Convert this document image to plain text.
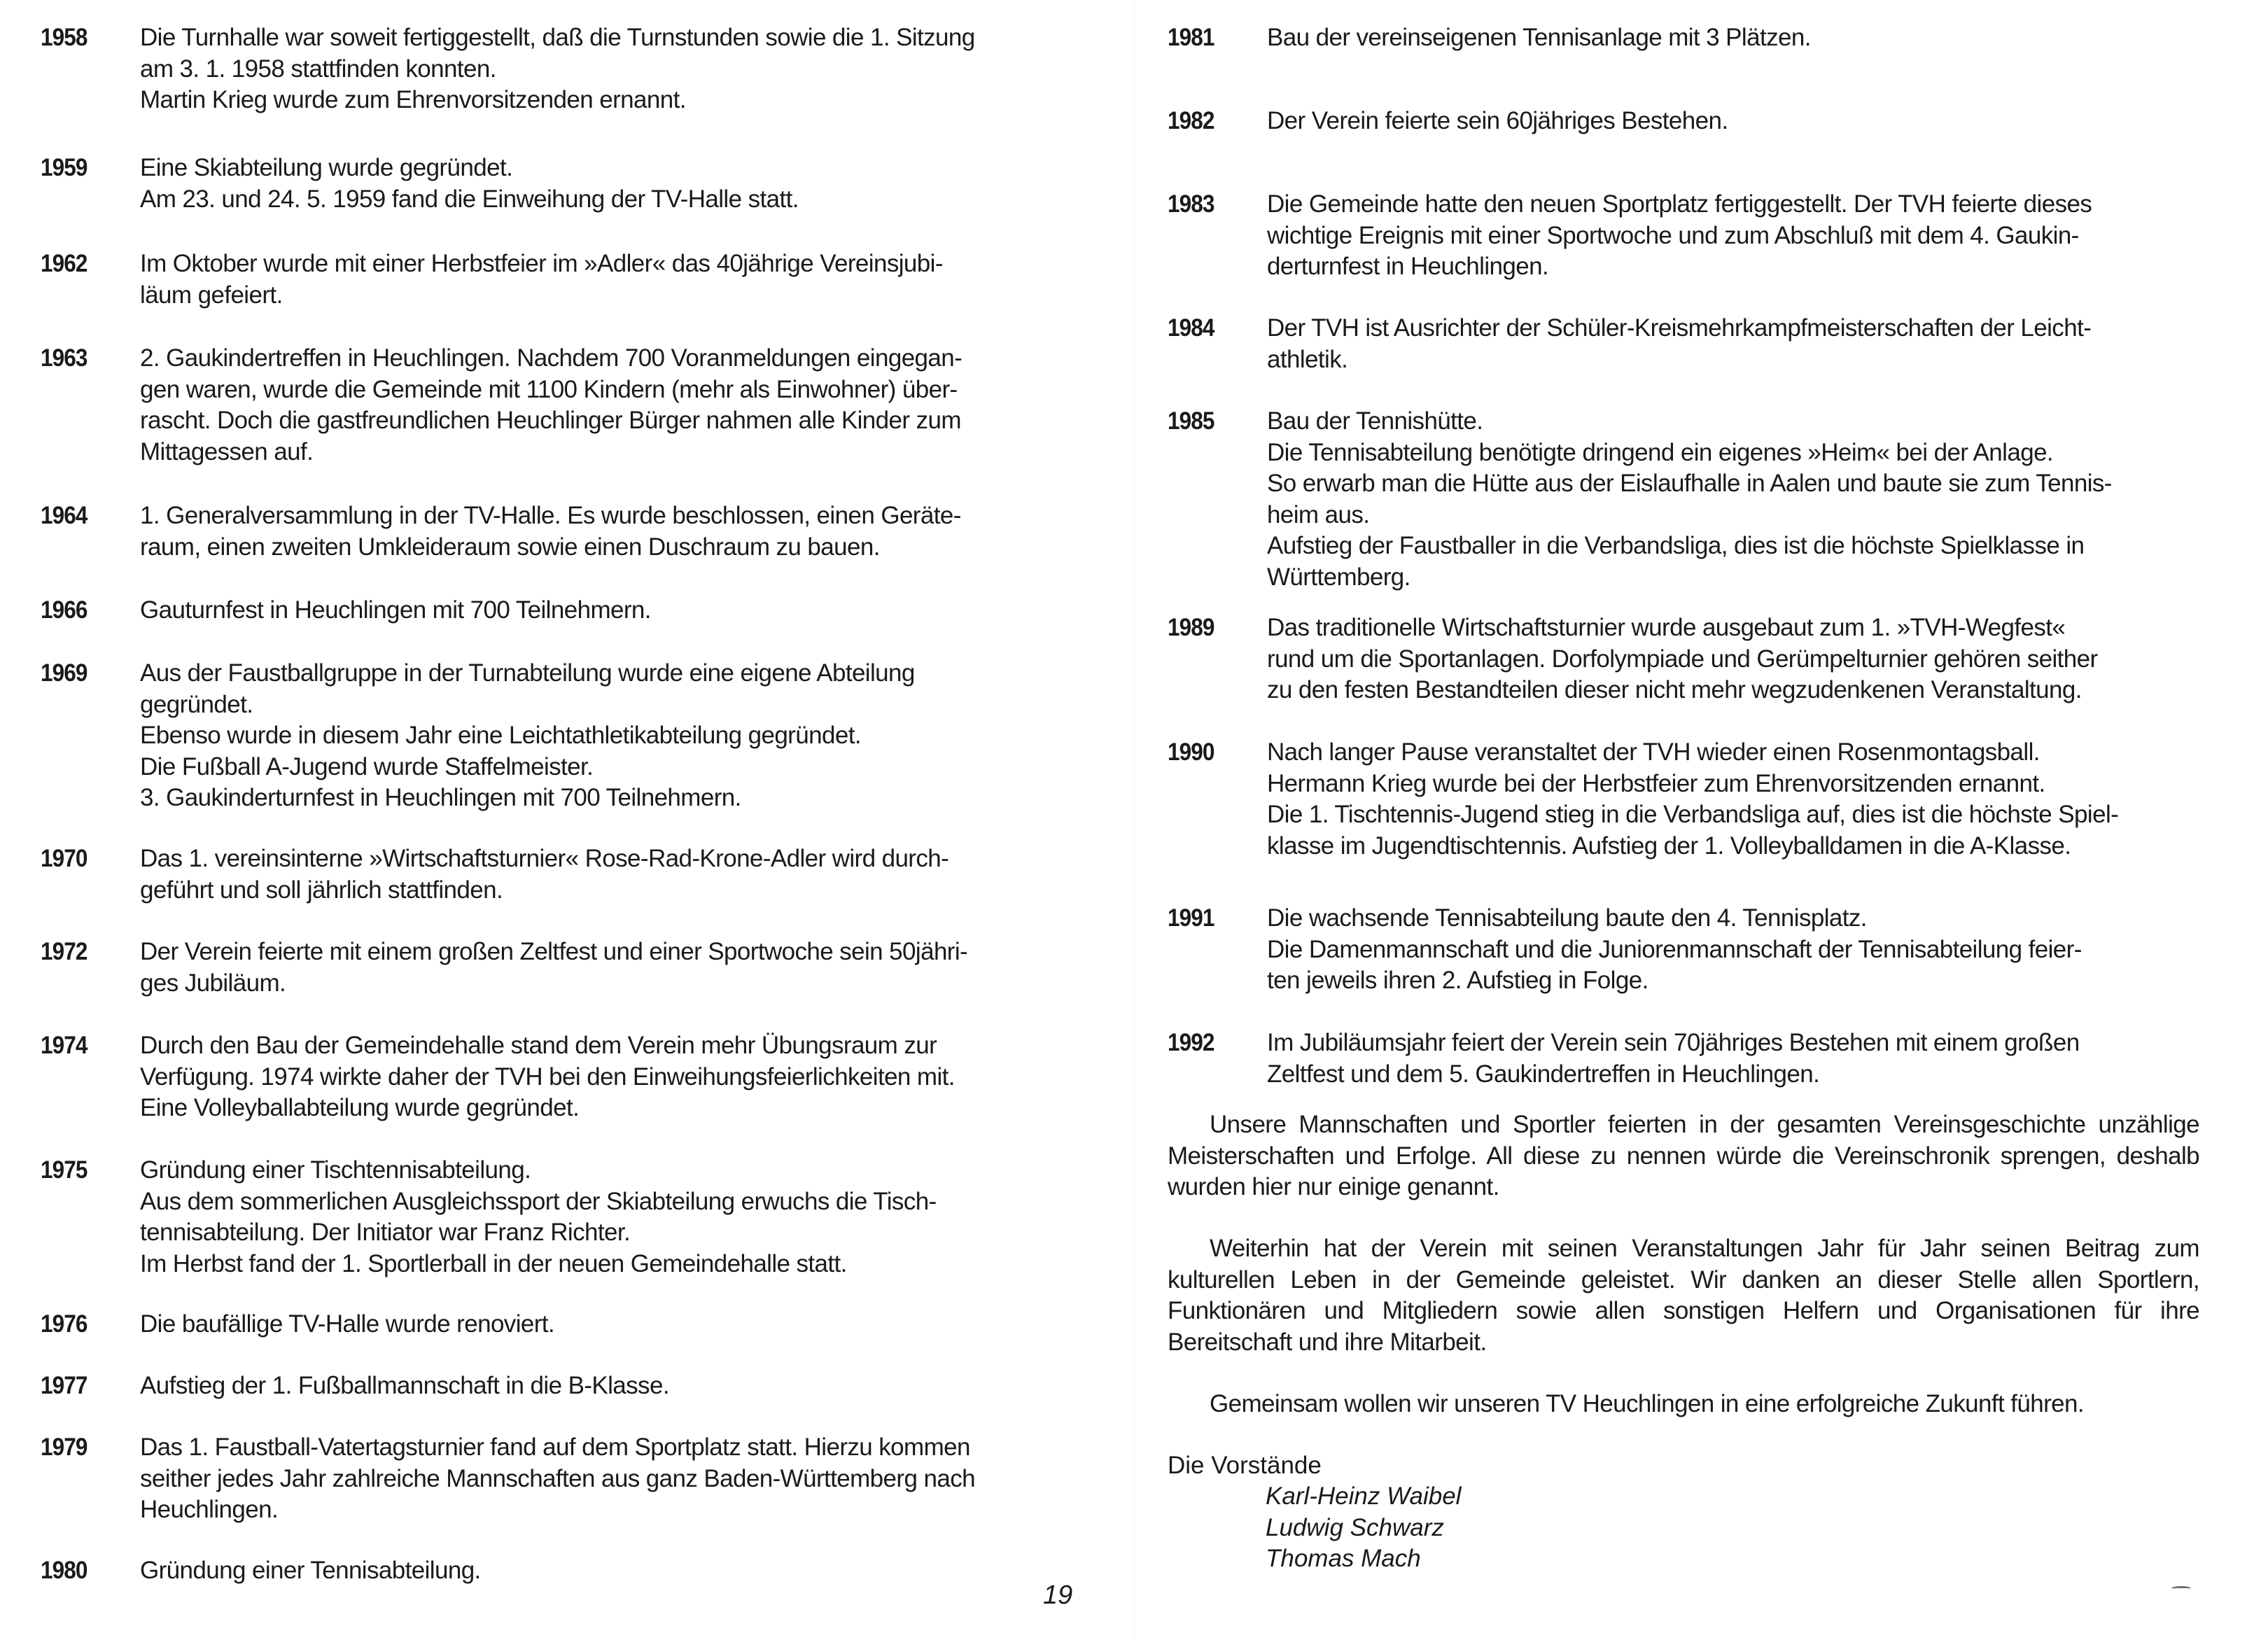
1958	Die Turnhalle war soweit fertiggestellt, daß die Turnstunden sowie die 1. Sitzung
am 3. 1. 1958 stattfinden konnten.
Martin Krieg wurde zum Ehrenvorsitzenden ernannt.
1959	Eine Skiabteilung wurde gegründet.
Am 23. und 24. 5. 1959 fand die Einweihung der TV-Halle statt.
1962	Im Oktober wurde mit einer Herbstfeier im »Adler« das 40jährige Vereinsjubi-
läum gefeiert.
1963	2. Gaukindertreffen in Heuchlingen. Nachdem 700 Voranmeldungen eingegan-
gen waren, wurde die Gemeinde mit 1100 Kindern (mehr als Einwohner) über-
rascht. Doch die gastfreundlichen Heuchlinger Bürger nahmen alle Kinder zum
Mittagessen auf.
1964	1. Generalversammlung in der TV-Halle. Es wurde beschlossen, einen Geräte-
raum, einen zweiten Umkleideraum sowie einen Duschraum zu bauen.
1966	Gauturnfest in Heuchlingen mit 700 Teilnehmern.
1969	Aus der Faustballgruppe in der Turnabteilung wurde eine eigene Abteilung
gegründet.
Ebenso wurde in diesem Jahr eine Leichtathletikabteilung gegründet.
Die Fußball A-Jugend wurde Staffelmeister.
3. Gaukinderturnfest in Heuchlingen mit 700 Teilnehmern.
1970	Das 1. vereinsinterne »Wirtschaftsturnier« Rose-Rad-Krone-Adler wird durch-
geführt und soll jährlich stattfinden.
1972	Der Verein feierte mit einem großen Zeltfest und einer Sportwoche sein 50jähri-
ges Jubiläum.
1974	Durch den Bau der Gemeindehalle stand dem Verein mehr Übungsraum zur
Verfügung. 1974 wirkte daher der TVH bei den Einweihungsfeierlichkeiten mit.
Eine Volleyballabteilung wurde gegründet.
1975	Gründung einer Tischtennisabteilung.
Aus dem sommerlichen Ausgleichssport der Skiabteilung erwuchs die Tisch-
tennisabteilung. Der Initiator war Franz Richter.
Im Herbst fand der 1. Sportlerball in der neuen Gemeindehalle statt.
1976	Die baufällige TV-Halle wurde renoviert.
1977	Aufstieg der 1. Fußballmannschaft in die B-Klasse.
1979	Das 1. Faustball-Vatertagsturnier fand auf dem Sportplatz statt. Hierzu kommen
seither jedes Jahr zahlreiche Mannschaften aus ganz Baden-Württemberg nach
Heuchlingen.
1980	Gründung einer Tennisabteilung.
1981	Bau der vereinseigenen Tennisanlage mit 3 Plätzen.
1982	Der Verein feierte sein 60jähriges Bestehen.
1983	Die Gemeinde hatte den neuen Sportplatz fertiggestellt. Der TVH feierte dieses
wichtige Ereignis mit einer Sportwoche und zum Abschluß mit dem 4. Gaukin-
derturnfest in Heuchlingen.
1984	Der TVH ist Ausrichter der Schüler-Kreismehrkampfmeisterschaften der Leicht-
athletik.
1985	Bau der Tennishütte.
Die Tennisabteilung benötigte dringend ein eigenes »Heim« bei der Anlage.
So erwarb man die Hütte aus der Eislaufhalle in Aalen und baute sie zum Tennis-
heim aus.
Aufstieg der Faustballer in die Verbandsliga, dies ist die höchste Spielklasse in
Württemberg.
1989	Das traditionelle Wirtschaftsturnier wurde ausgebaut zum 1. »TVH-Wegfest«
rund um die Sportanlagen. Dorfolympiade und Gerümpelturnier gehören seither
zu den festen Bestandteilen dieser nicht mehr wegzudenkenen Veranstaltung.
1990	Nach langer Pause veranstaltet der TVH wieder einen Rosenmontagsball.
Hermann Krieg wurde bei der Herbstfeier zum Ehrenvorsitzenden ernannt.
Die 1. Tischtennis-Jugend stieg in die Verbandsliga auf, dies ist die höchste Spiel-
klasse im Jugendtischtennis. Aufstieg der 1. Volleyballdamen in die A-Klasse.
1991	Die wachsende Tennisabteilung baute den 4. Tennisplatz.
Die Damenmannschaft und die Juniorenmannschaft der Tennisabteilung feier-
ten jeweils ihren 2. Aufstieg in Folge.
1992	Im Jubiläumsjahr feiert der Verein sein 70jähriges Bestehen mit einem großen
Zeltfest und dem 5. Gaukindertreffen in Heuchlingen.
Unsere Mannschaften und Sportler feierten in der gesamten Vereinsgeschichte unzählige Meisterschaften und Erfolge. All diese zu nennen würde die Vereinschronik sprengen, deshalb wurden hier nur einige genannt.
Weiterhin hat der Verein mit seinen Veranstaltungen Jahr für Jahr seinen Beitrag zum kulturellen Leben in der Gemeinde geleistet. Wir danken an dieser Stelle allen Sportlern, Funktionären und Mitgliedern sowie allen sonstigen Helfern und Organisationen für ihre Bereitschaft und ihre Mitarbeit.
Gemeinsam wollen wir unseren TV Heuchlingen in eine erfolgreiche Zukunft führen.
Die Vorstände
Karl-Heinz Waibel
Ludwig Schwarz
Thomas Mach
19
